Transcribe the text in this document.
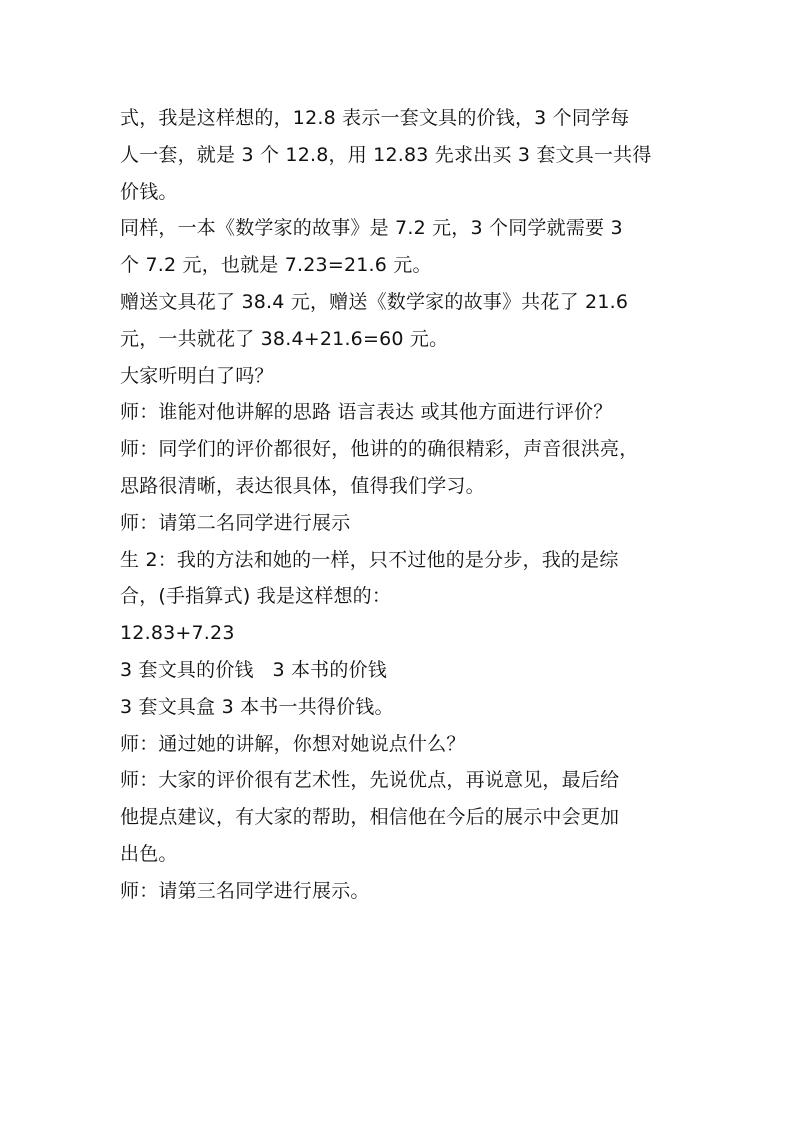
式，我是这样想的，12.8 表示一套文具的价钱，3 个同学每
人一套，就是 3 个 12.8，用 12.83 先求出买 3 套文具一共得
价钱。

同样，一本《数学家的故事》是 7.2 元，3 个同学就需要 3
个 7.2 元，也就是 7.23=21.6 元。

赠送文具花了 38.4 元，赠送《数学家的故事》共花了 21.6
元，一共就花了 38.4+21.6=60 元。

大家听明白了吗？

师：谁能对他讲解的思路 语言表达 或其他方面进行评价？

师：同学们的评价都很好，他讲的的确很精彩，声音很洪亮，
思路很清晰，表达很具体，值得我们学习。

师：请第二名同学进行展示

生 2：我的方法和她的一样，只不过他的是分步，我的是综
合，(手指算式) 我是这样想的：

12.83+7.23

3 套文具的价钱   3 本书的价钱

3 套文具盒 3 本书一共得价钱。

师：通过她的讲解，你想对她说点什么？

师：大家的评价很有艺术性，先说优点，再说意见，最后给
他提点建议，有大家的帮助，相信他在今后的展示中会更加
出色。

师：请第三名同学进行展示。
